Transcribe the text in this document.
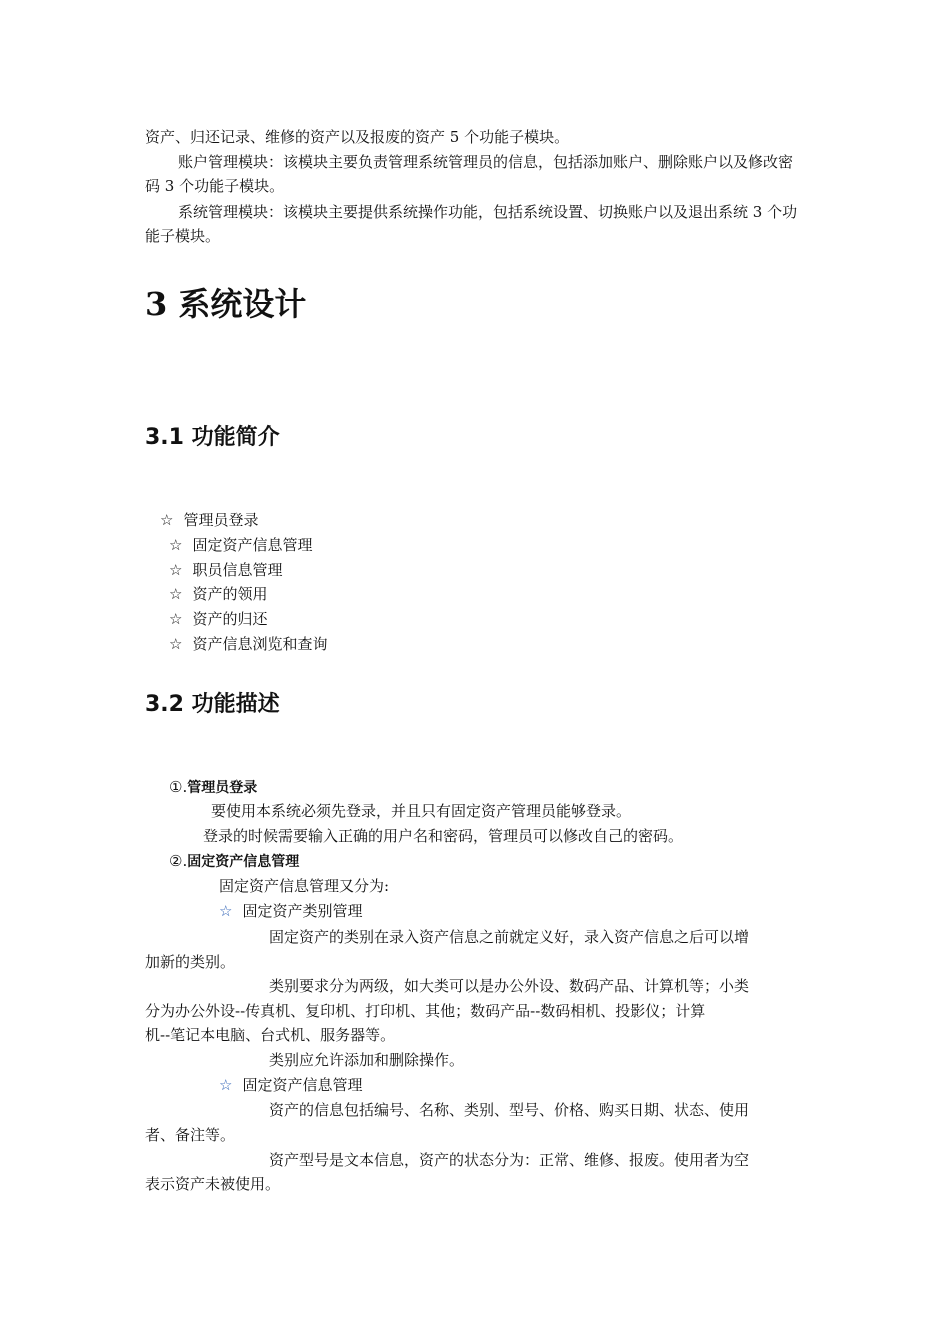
资产、归还记录、维修的资产以及报废的资产 5 个功能子模块。

账户管理模块：该模块主要负责管理系统管理员的信息，包括添加账户、删除账户以及修改密码 3 个功能子模块。

系统管理模块：该模块主要提供系统操作功能，包括系统设置、切换账户以及退出系统 3 个功能子模块。

3 系统设计
3.1 功能简介

☆ 管理员登录

☆ 固定资产信息管理

☆ 职员信息管理

☆ 资产的领用

☆ 资产的归还

☆ 资产信息浏览和查询

3.2 功能描述

①.管理员登录

要使用本系统必须先登录，并且只有固定资产管理员能够登录。

登录的时候需要输入正确的用户名和密码，管理员可以修改自己的密码。

②.固定资产信息管理

固定资产信息管理又分为:

☆ 固定资产类别管理

固定资产的类别在录入资产信息之前就定义好，录入资产信息之后可以增

加新的类别。

类别要求分为两级，如大类可以是办公外设、数码产品、计算机等；小类

分为办公外设--传真机、复印机、打印机、其他；数码产品--数码相机、投影仪；计算

机--笔记本电脑、台式机、服务器等。

类别应允许添加和删除操作。

☆ 固定资产信息管理

资产的信息包括编号、名称、类别、型号、价格、购买日期、状态、使用

者、备注等。

资产型号是文本信息，资产的状态分为：正常、维修、报废。使用者为空

表示资产未被使用。
